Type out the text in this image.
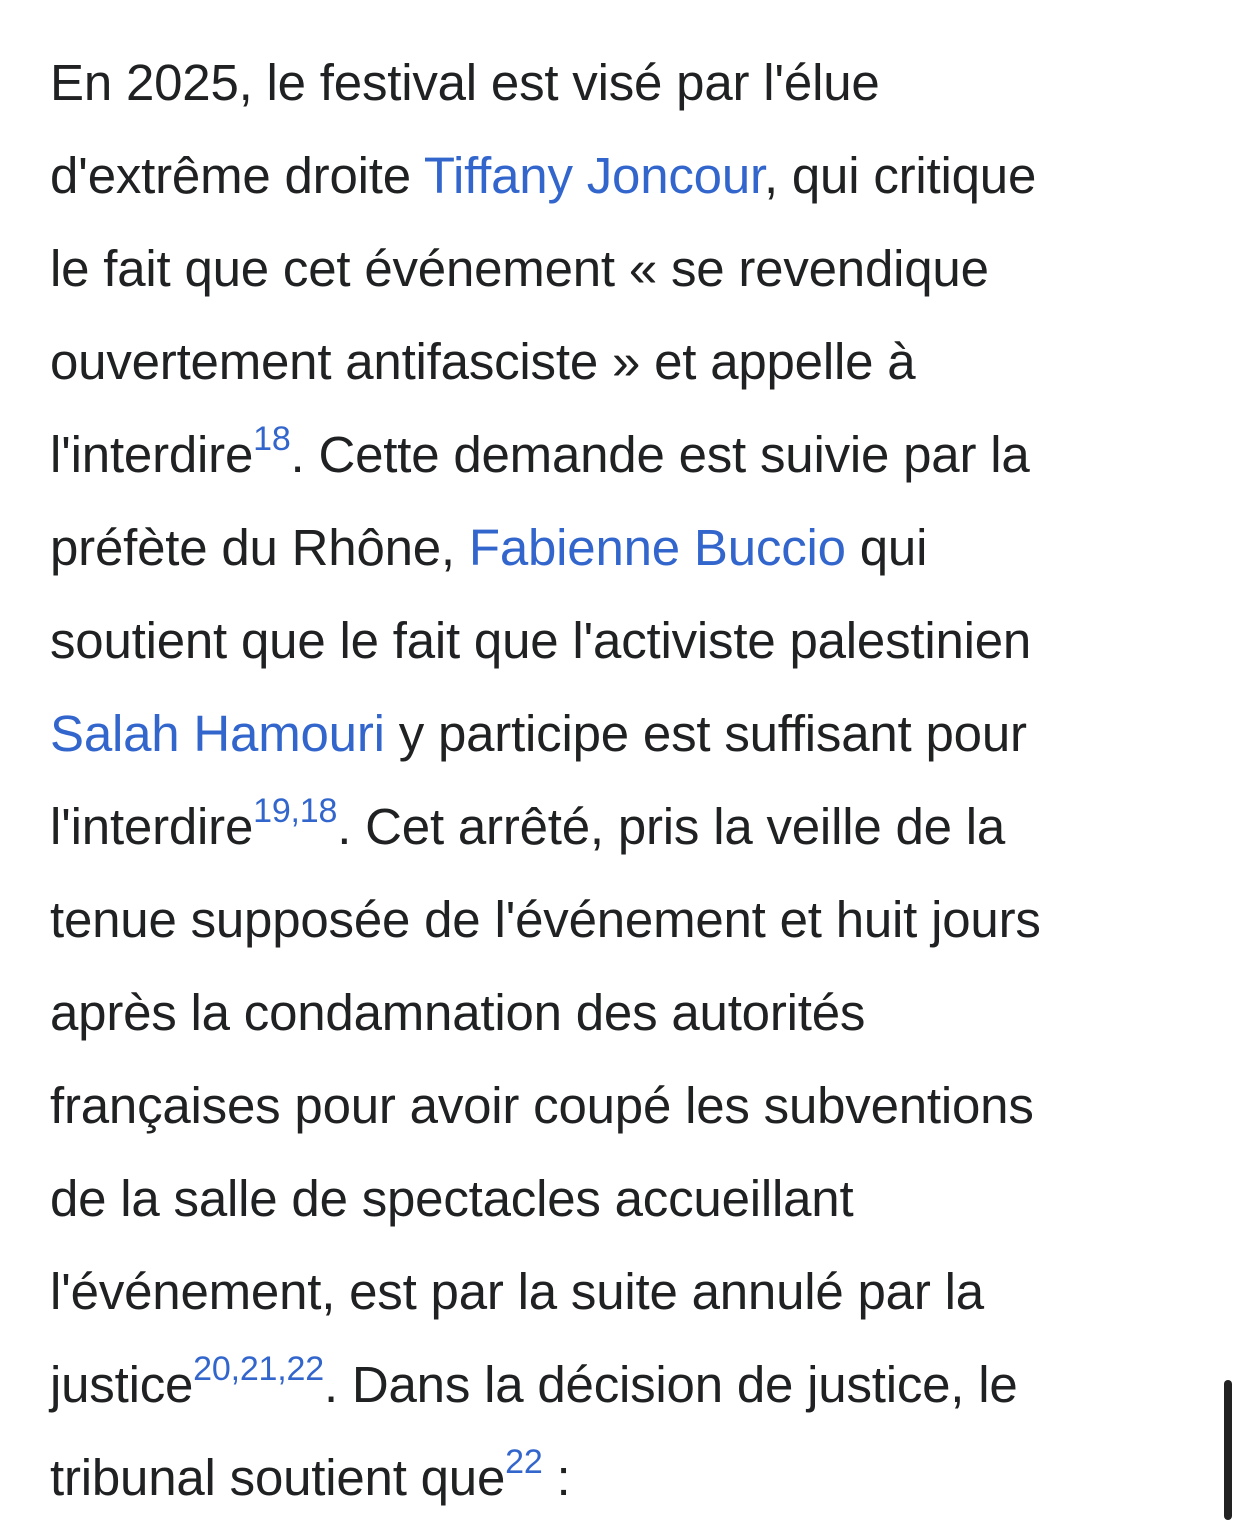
En 2025, le festival est visé par l'élue
d'extrême droite Tiffany Joncour, qui critique
le fait que cet événement « se revendique
ouvertement antifasciste » et appelle à
l'interdire$^{18}$. Cette demande est suivie par la
préfète du Rhône, Fabienne Buccio qui
soutient que le fait que l'activiste palestinien
Salah Hamouri y participe est suffisant pour
l'interdire$^{19,18}$. Cet arrêté, pris la veille de la
tenue supposée de l'événement et huit jours
après la condamnation des autorités
françaises pour avoir coupé les subventions
de la salle de spectacles accueillant
l'événement, est par la suite annulé par la
justice$^{20,21,22}$. Dans la décision de justice, le
tribunal soutient que$^{22}$ :
